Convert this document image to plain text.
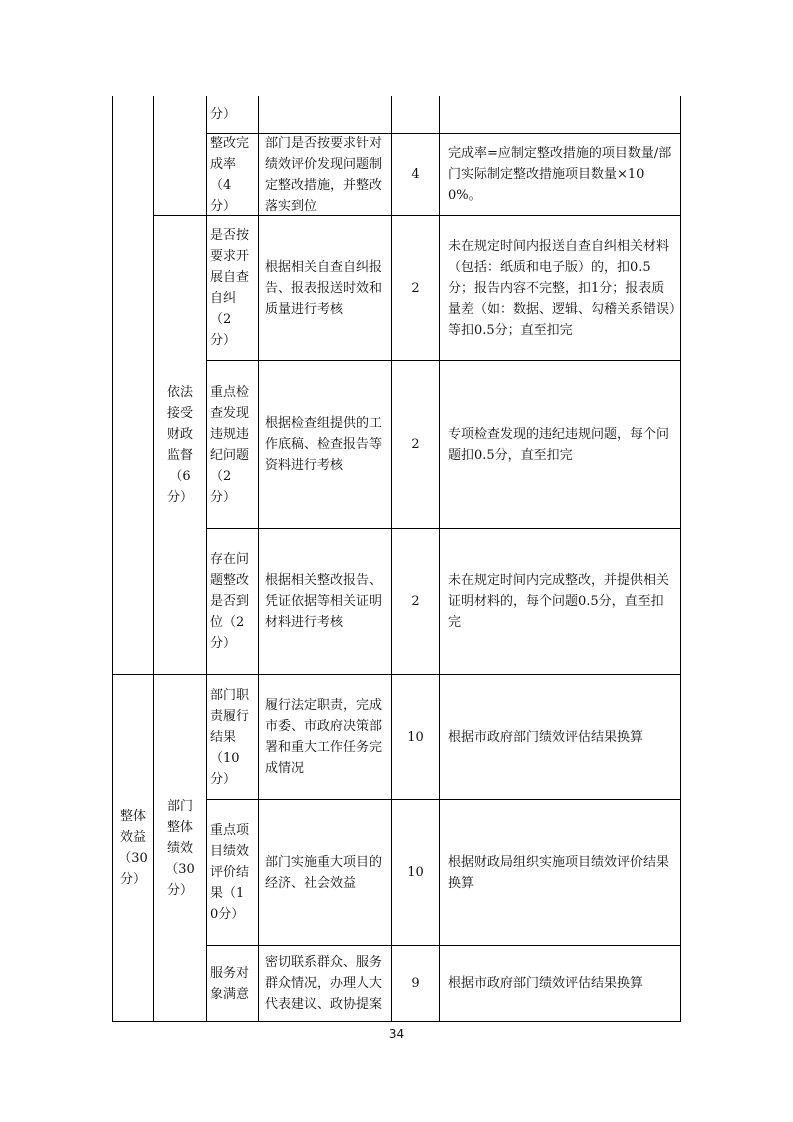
整体效益（30分）
依法接受财政监督（6分）
部门整体绩效（30分）
分）
整改完成率（4分）
部门是否按要求针对绩效评价发现问题制定整改措施，并整改落实到位
4
完成率=应制定整改措施的项目数量/部门实际制定整改措施项目数量×100%。
是否按要求开展自查自纠（2分）
根据相关自查自纠报告、报表报送时效和质量进行考核
2
未在规定时间内报送自查自纠相关材料（包括：纸质和电子版）的，扣0.5分；报告内容不完整，扣1分；报表质量差（如：数据、逻辑、勾稽关系错误）等扣0.5分；直至扣完
重点检查发现违规违纪问题（2分）
根据检查组提供的工作底稿、检查报告等资料进行考核
2
专项检查发现的违纪违规问题，每个问题扣0.5分，直至扣完
存在问题整改是否到位（2分）
根据相关整改报告、凭证依据等相关证明材料进行考核
2
未在规定时间内完成整改，并提供相关证明材料的，每个问题0.5分，直至扣完
部门职责履行结果（10分）
履行法定职责，完成市委、市政府决策部署和重大工作任务完成情况
10 根据市政府部门绩效评估结果换算
重点项目绩效评价结果（10分）
部门实施重大项目的经济、社会效益
10
根据财政局组织实施项目绩效评价结果换算
服务对象满意
密切联系群众、服务群众情况，办理人大代表建议、政协提案
9 根据市政府部门绩效评估结果换算
34
